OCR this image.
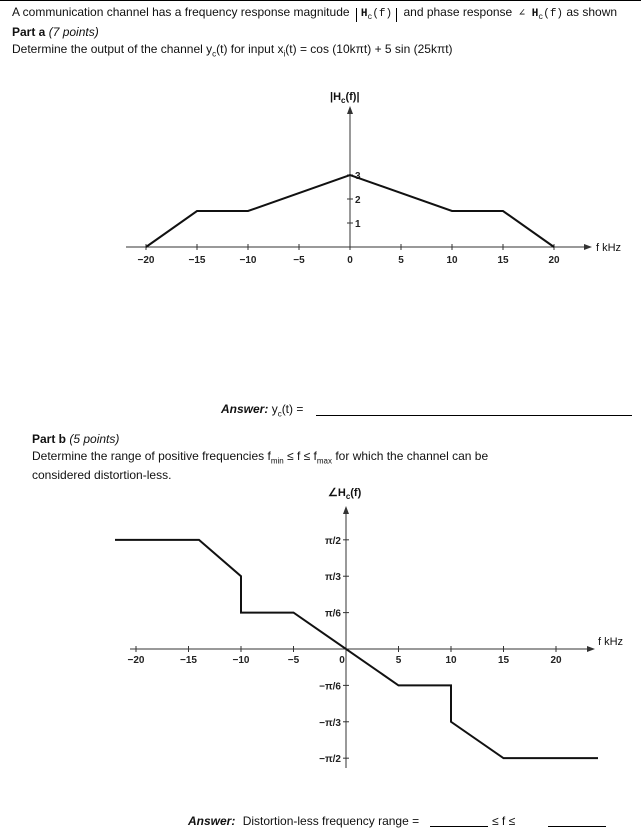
A communication channel has a frequency response magnitude $H_c(f)$ and phase response ∠ $H_c(f)$ as shown
Part a (7 points)
Determine the output of the channel $y_c(t)$ for input $x_i(t) = \cos (10k\pi t) + 5$ sin (25kπt)
$|H_c(f)|$
f kHz
−20	−15	−10	−5	0	5	10	15	20
3
2
1
Answer: $y_c(t)$ =
Part b (5 points)
Determine the range of positive frequencies $f_{min} \le f \le f_{max}$ for which the channel can be
considered distortion-less.
$\angle H_c(f)$
f kHz
−20	−15	−10	−5	0	5	10	15	20
π/2
π/3
π/6
−π/6
−π/3
−π/2
Answer: Distortion-less frequency range =	≤ f ≤
